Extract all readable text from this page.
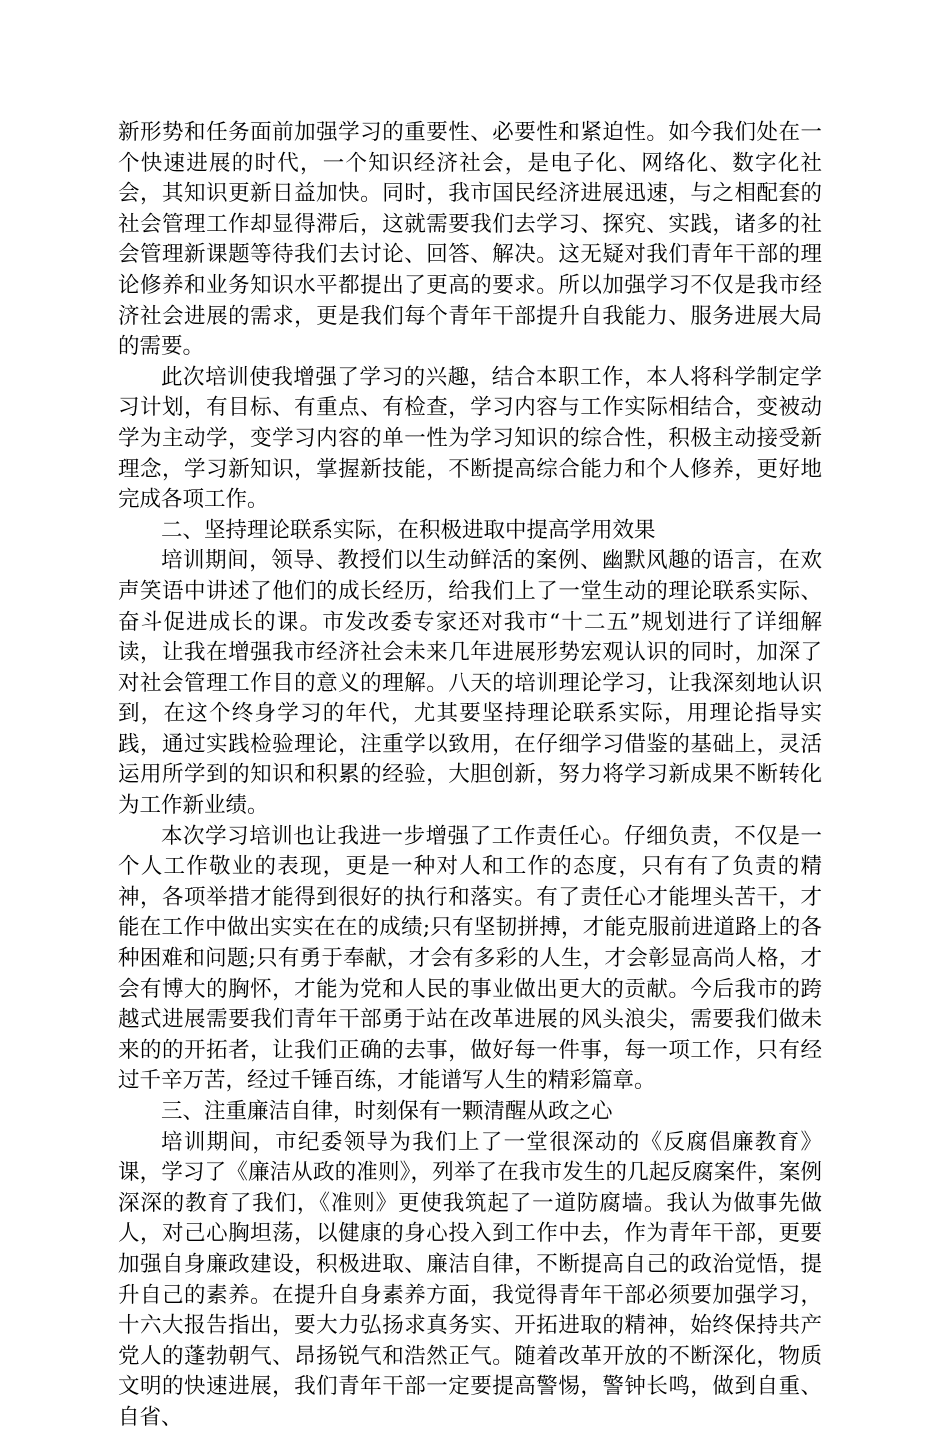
新形势和任务面前加强学习的重要性、必要性和紧迫性。如今我们处在一个快速进展的时代，一个知识经济社会，是电子化、网络化、数字化社会，其知识更新日益加快。同时，我市国民经济进展迅速，与之相配套的社会管理工作却显得滞后，这就需要我们去学习、探究、实践，诸多的社会管理新课题等待我们去讨论、回答、解决。这无疑对我们青年干部的理论修养和业务知识水平都提出了更高的要求。所以加强学习不仅是我市经济社会进展的需求，更是我们每个青年干部提升自我能力、服务进展大局的需要。

此次培训使我增强了学习的兴趣，结合本职工作，本人将科学制定学习计划，有目标、有重点、有检查，学习内容与工作实际相结合，变被动学为主动学，变学习内容的单一性为学习知识的综合性，积极主动接受新理念，学习新知识，掌握新技能，不断提高综合能力和个人修养，更好地完成各项工作。

二、坚持理论联系实际，在积极进取中提高学用效果

培训期间，领导、教授们以生动鲜活的案例、幽默风趣的语言，在欢声笑语中讲述了他们的成长经历，给我们上了一堂生动的理论联系实际、奋斗促进成长的课。市发改委专家还对我市“十二五”规划进行了详细解读，让我在增强我市经济社会未来几年进展形势宏观认识的同时，加深了对社会管理工作目的意义的理解。八天的培训理论学习，让我深刻地认识到，在这个终身学习的年代，尤其要坚持理论联系实际，用理论指导实践，通过实践检验理论，注重学以致用，在仔细学习借鉴的基础上，灵活运用所学到的知识和积累的经验，大胆创新，努力将学习新成果不断转化为工作新业绩。

本次学习培训也让我进一步增强了工作责任心。仔细负责，不仅是一个人工作敬业的表现，更是一种对人和工作的态度，只有有了负责的精神，各项举措才能得到很好的执行和落实。有了责任心才能埋头苦干，才能在工作中做出实实在在的成绩;只有坚韧拼搏，才能克服前进道路上的各种困难和问题;只有勇于奉献，才会有多彩的人生，才会彰显高尚人格，才会有博大的胸怀，才能为党和人民的事业做出更大的贡献。今后我市的跨越式进展需要我们青年干部勇于站在改革进展的风头浪尖，需要我们做未来的的开拓者，让我们正确的去事，做好每一件事，每一项工作，只有经过千辛万苦，经过千锤百练，才能谱写人生的精彩篇章。

三、注重廉洁自律，时刻保有一颗清醒从政之心

培训期间，市纪委领导为我们上了一堂很深动的《反腐倡廉教育》课，学习了《廉洁从政的准则》，列举了在我市发生的几起反腐案件，案例深深的教育了我们，《准则》更使我筑起了一道防腐墙。我认为做事先做人，对己心胸坦荡，以健康的身心投入到工作中去，作为青年干部，更要加强自身廉政建设，积极进取、廉洁自律，不断提高自己的政治觉悟，提升自己的素养。在提升自身素养方面，我觉得青年干部必须要加强学习，十六大报告指出，要大力弘扬求真务实、开拓进取的精神，始终保持共产党人的蓬勃朝气、昂扬锐气和浩然正气。随着改革开放的不断深化，物质文明的快速进展，我们青年干部一定要提高警惕，警钟长鸣，做到自重、自省、
